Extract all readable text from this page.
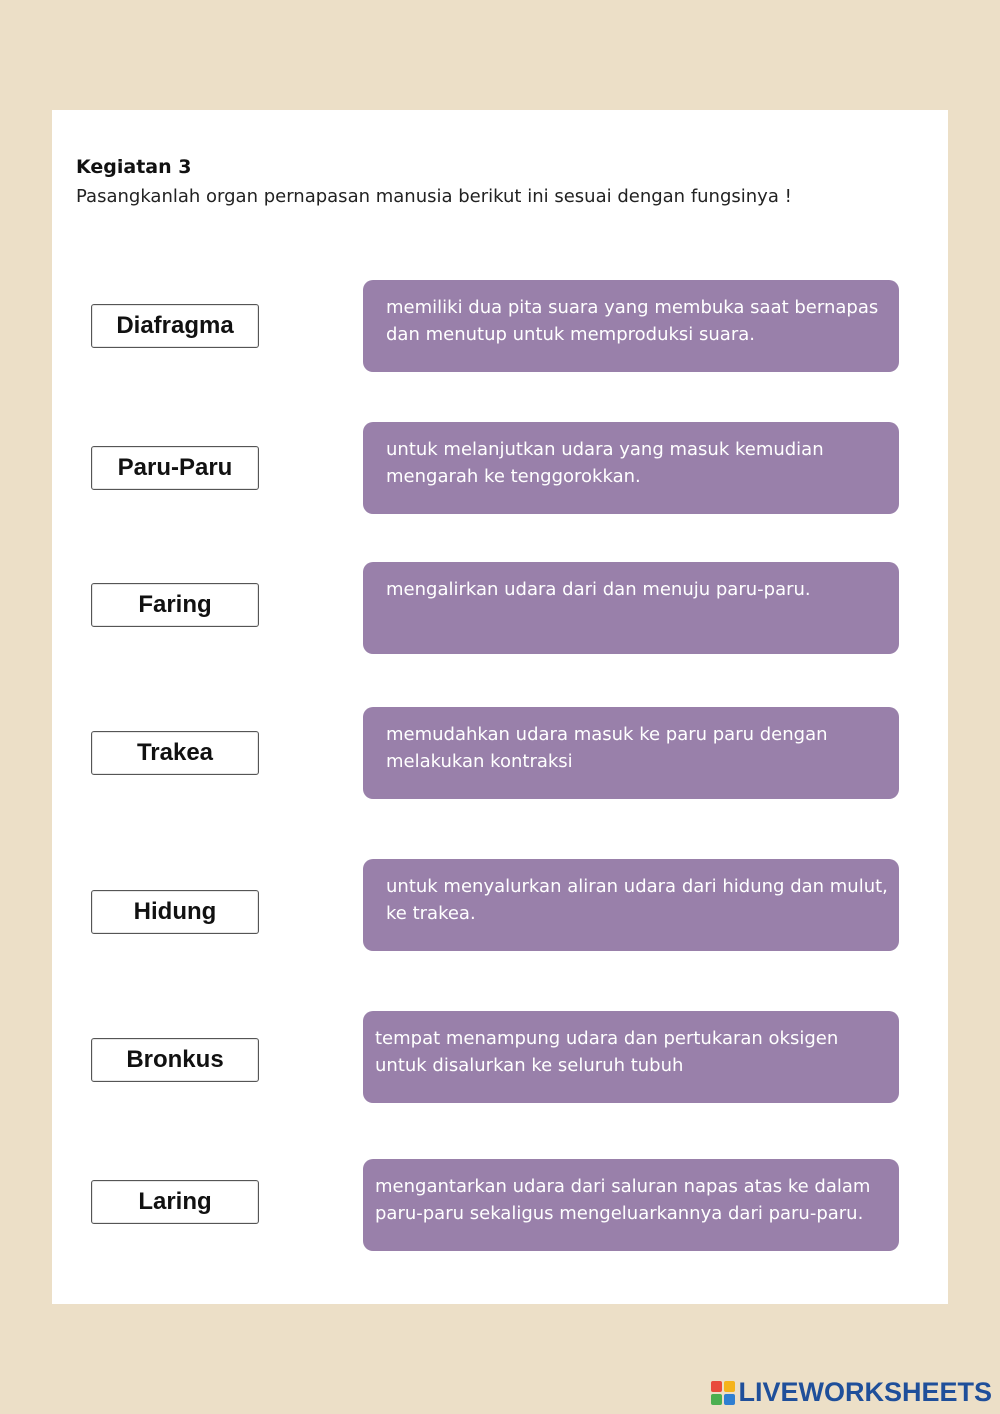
Kegiatan 3

Pasangkanlah organ pernapasan manusia berikut ini sesuai dengan fungsinya !

Diafragma
Paru-Paru
Faring
Trakea
Hidung
Bronkus
Laring
memiliki dua pita suara yang membuka saat bernapas dan menutup untuk memproduksi suara.
untuk melanjutkan udara yang masuk kemudian mengarah ke tenggorokkan.
mengalirkan udara dari dan menuju paru-paru.
memudahkan udara masuk ke paru paru dengan melakukan kontraksi
untuk menyalurkan aliran udara dari hidung dan mulut, ke trakea.
tempat menampung udara dan pertukaran oksigen untuk disalurkan ke seluruh tubuh
mengantarkan udara dari saluran napas atas ke dalam paru-paru sekaligus mengeluarkannya dari paru-paru.
LIVEWORKSHEETS
